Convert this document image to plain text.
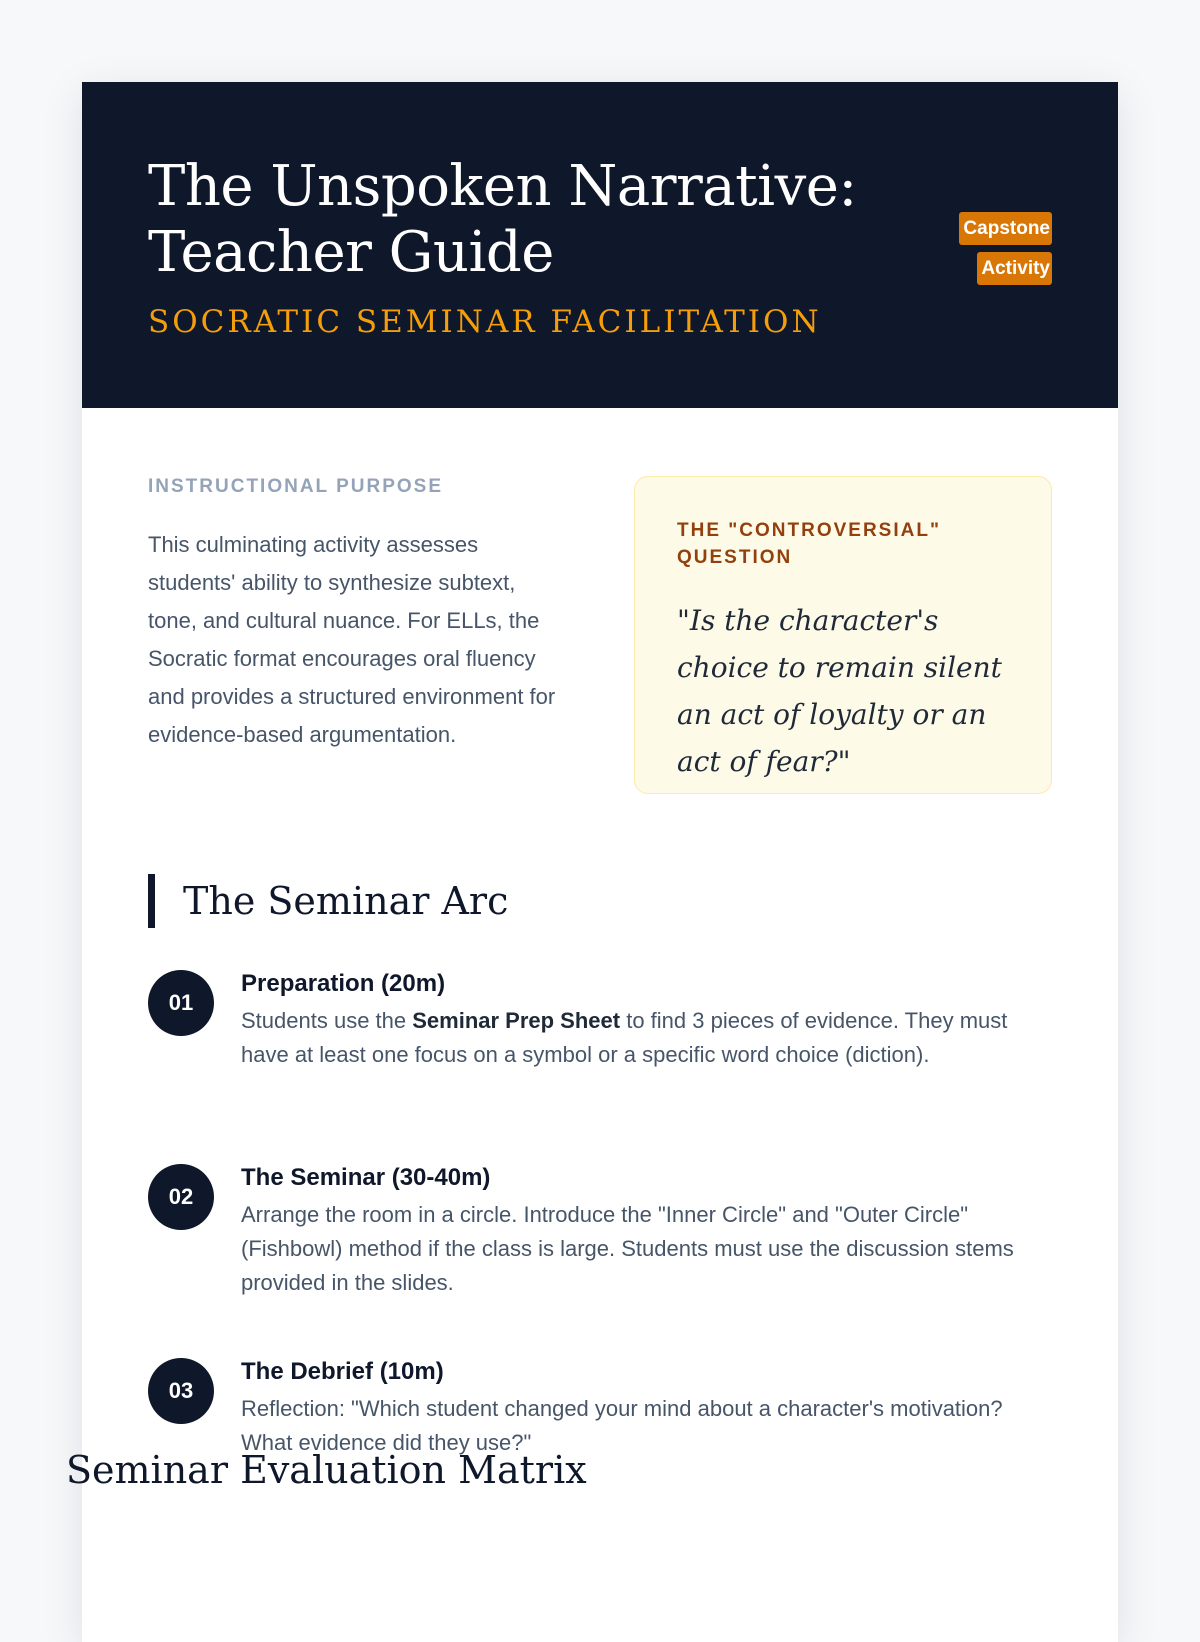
The Unspoken Narrative: Teacher Guide
SOCRATIC SEMINAR FACILITATION
Capstone Activity
INSTRUCTIONAL PURPOSE

This culminating activity assesses students' ability to synthesize subtext, tone, and cultural nuance. For ELLs, the Socratic format encourages oral fluency and provides a structured environment for evidence-based argumentation.

THE "CONTROVERSIAL" QUESTION
"Is the character's choice to remain silent an act of loyalty or an act of fear?"
The Seminar Arc
01
Preparation (20m)

Students use the Seminar Prep Sheet to find 3 pieces of evidence. They must have at least one focus on a symbol or a specific word choice (diction).

02
The Seminar (30-40m)

Arrange the room in a circle. Introduce the "Inner Circle" and "Outer Circle" (Fishbowl) method if the class is large. Students must use the discussion stems provided in the slides.

03
The Debrief (10m)

Reflection: "Which student changed your mind about a character's motivation? What evidence did they use?"

Seminar Evaluation Matrix
